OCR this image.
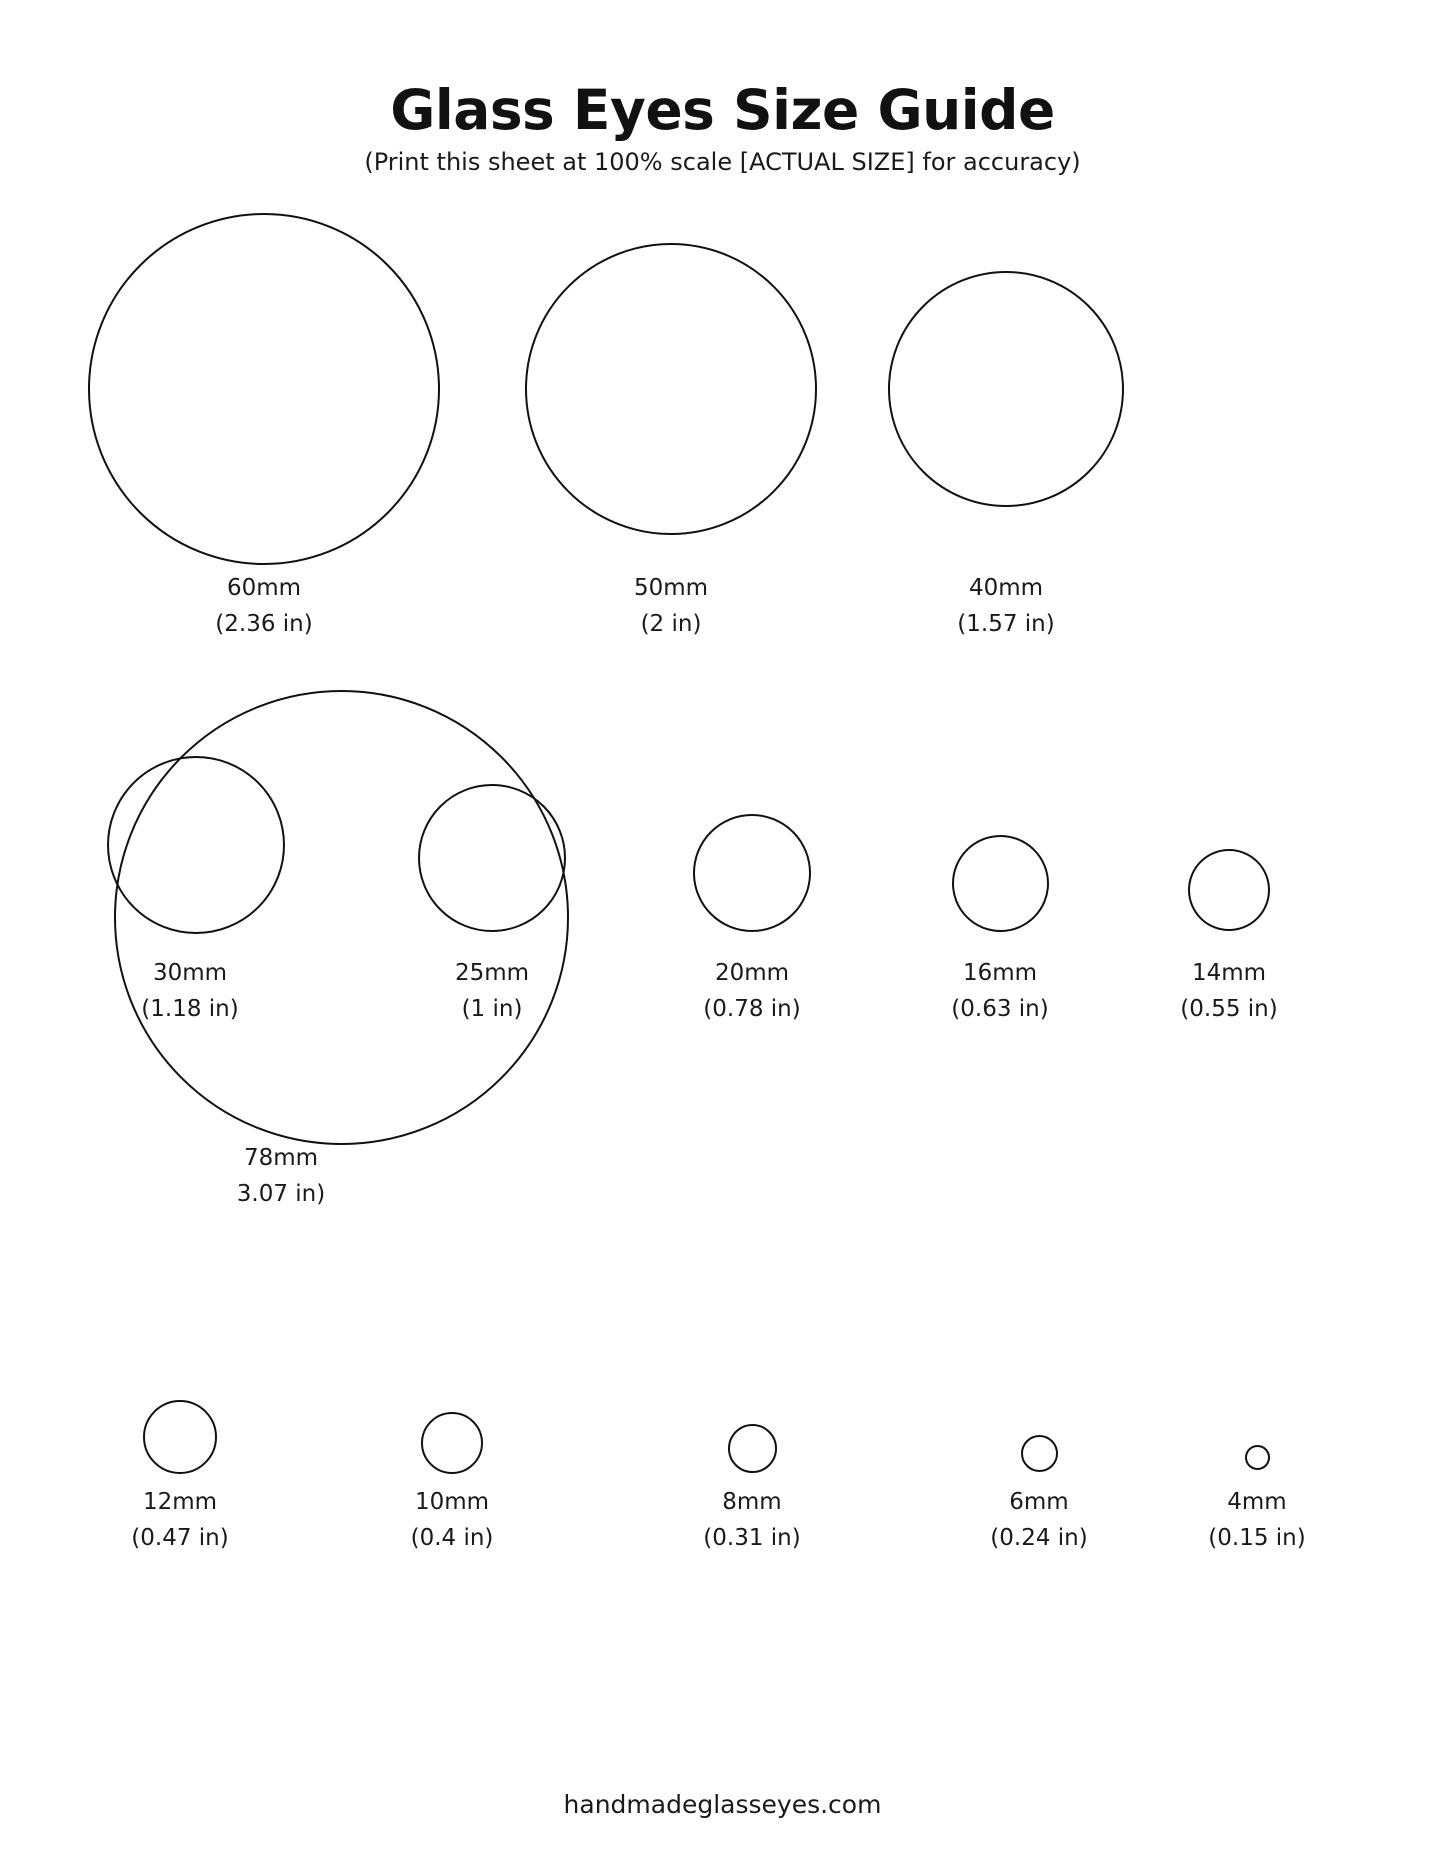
Glass Eyes Size Guide
(Print this sheet at 100% scale [ACTUAL SIZE] for accuracy)
60mm
(2.36 in)
50mm
(2 in)
40mm
(1.57 in)
78mm
3.07 in)
30mm
(1.18 in)
25mm
(1 in)
20mm
(0.78 in)
16mm
(0.63 in)
14mm
(0.55 in)
12mm
(0.47 in)
10mm
(0.4 in)
8mm
(0.31 in)
6mm
(0.24 in)
4mm
(0.15 in)
handmadeglasseyes.com
